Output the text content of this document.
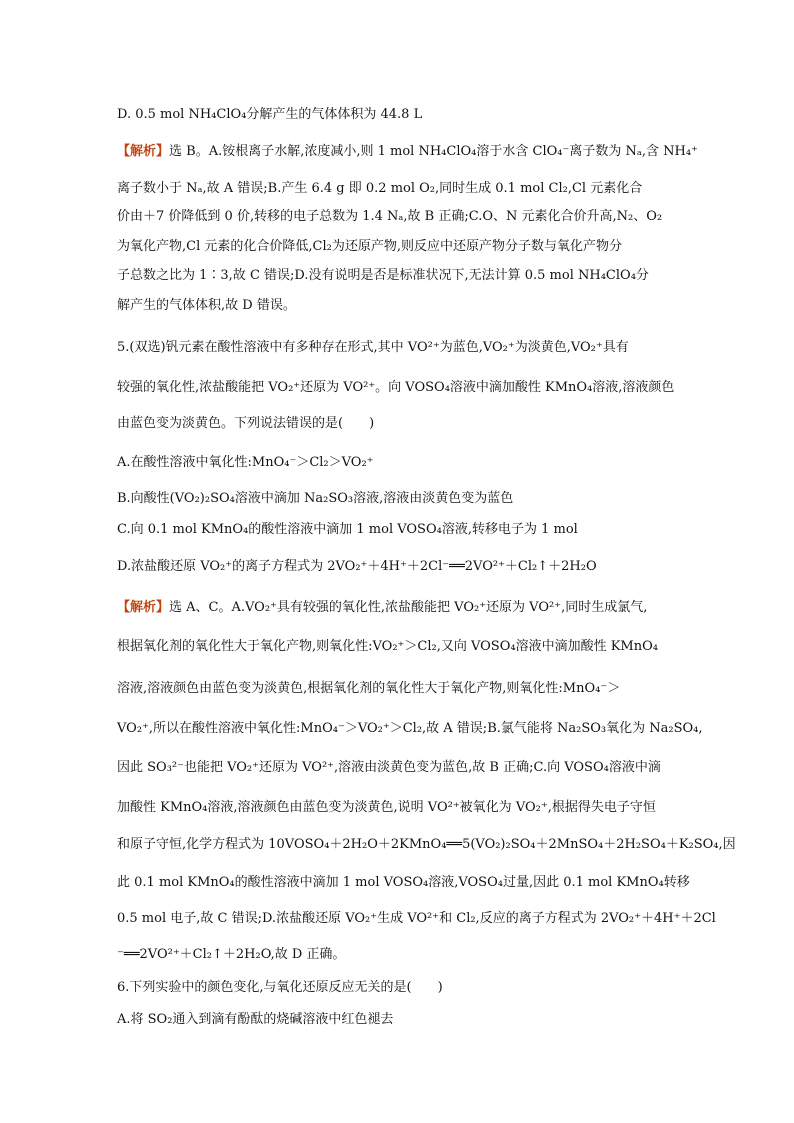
D. 0.5 mol NH₄ClO₄分解产生的气体体积为 44.8 L
【解析】选 B。A.铵根离子水解,浓度减小,则 1 mol NH₄ClO₄溶于水含 ClO₄⁻离子数为 Nₐ,含 NH₄⁺
离子数小于 Nₐ,故 A 错误;B.产生 6.4 g 即 0.2 mol O₂,同时生成 0.1 mol Cl₂,Cl 元素化合
价由＋7 价降低到 0 价,转移的电子总数为 1.4 Nₐ,故 B 正确;C.O、N 元素化合价升高,N₂、O₂
为氧化产物,Cl 元素的化合价降低,Cl₂为还原产物,则反应中还原产物分子数与氧化产物分
子总数之比为 1∶3,故 C 错误;D.没有说明是否是标准状况下,无法计算 0.5 mol NH₄ClO₄分
解产生的气体体积,故 D 错误。
5.(双选)钒元素在酸性溶液中有多种存在形式,其中 VO²⁺为蓝色,VO₂⁺为淡黄色,VO₂⁺具有
较强的氧化性,浓盐酸能把 VO₂⁺还原为 VO²⁺。向 VOSO₄溶液中滴加酸性 KMnO₄溶液,溶液颜色
由蓝色变为淡黄色。下列说法错误的是(　　)
A.在酸性溶液中氧化性:MnO₄⁻＞Cl₂＞VO₂⁺
B.向酸性(VO₂)₂SO₄溶液中滴加 Na₂SO₃溶液,溶液由淡黄色变为蓝色
C.向 0.1 mol KMnO₄的酸性溶液中滴加 1 mol VOSO₄溶液,转移电子为 1 mol
D.浓盐酸还原 VO₂⁺的离子方程式为 2VO₂⁺＋4H⁺＋2Cl⁻══2VO²⁺＋Cl₂↑＋2H₂O
【解析】选 A、C。A.VO₂⁺具有较强的氧化性,浓盐酸能把 VO₂⁺还原为 VO²⁺,同时生成氯气,
根据氧化剂的氧化性大于氧化产物,则氧化性:VO₂⁺＞Cl₂,又向 VOSO₄溶液中滴加酸性 KMnO₄
溶液,溶液颜色由蓝色变为淡黄色,根据氧化剂的氧化性大于氧化产物,则氧化性:MnO₄⁻＞
VO₂⁺,所以在酸性溶液中氧化性:MnO₄⁻＞VO₂⁺＞Cl₂,故 A 错误;B.氯气能将 Na₂SO₃氧化为 Na₂SO₄,
因此 SO₃²⁻也能把 VO₂⁺还原为 VO²⁺,溶液由淡黄色变为蓝色,故 B 正确;C.向 VOSO₄溶液中滴
加酸性 KMnO₄溶液,溶液颜色由蓝色变为淡黄色,说明 VO²⁺被氧化为 VO₂⁺,根据得失电子守恒
和原子守恒,化学方程式为 10VOSO₄＋2H₂O＋2KMnO₄══5(VO₂)₂SO₄＋2MnSO₄＋2H₂SO₄＋K₂SO₄,因
此 0.1 mol KMnO₄的酸性溶液中滴加 1 mol VOSO₄溶液,VOSO₄过量,因此 0.1 mol KMnO₄转移
0.5 mol 电子,故 C 错误;D.浓盐酸还原 VO₂⁺生成 VO²⁺和 Cl₂,反应的离子方程式为 2VO₂⁺＋4H⁺＋2Cl
⁻══2VO²⁺＋Cl₂↑＋2H₂O,故 D 正确。
6.下列实验中的颜色变化,与氧化还原反应无关的是(　　)
A.将 SO₂通入到滴有酚酞的烧碱溶液中红色褪去
